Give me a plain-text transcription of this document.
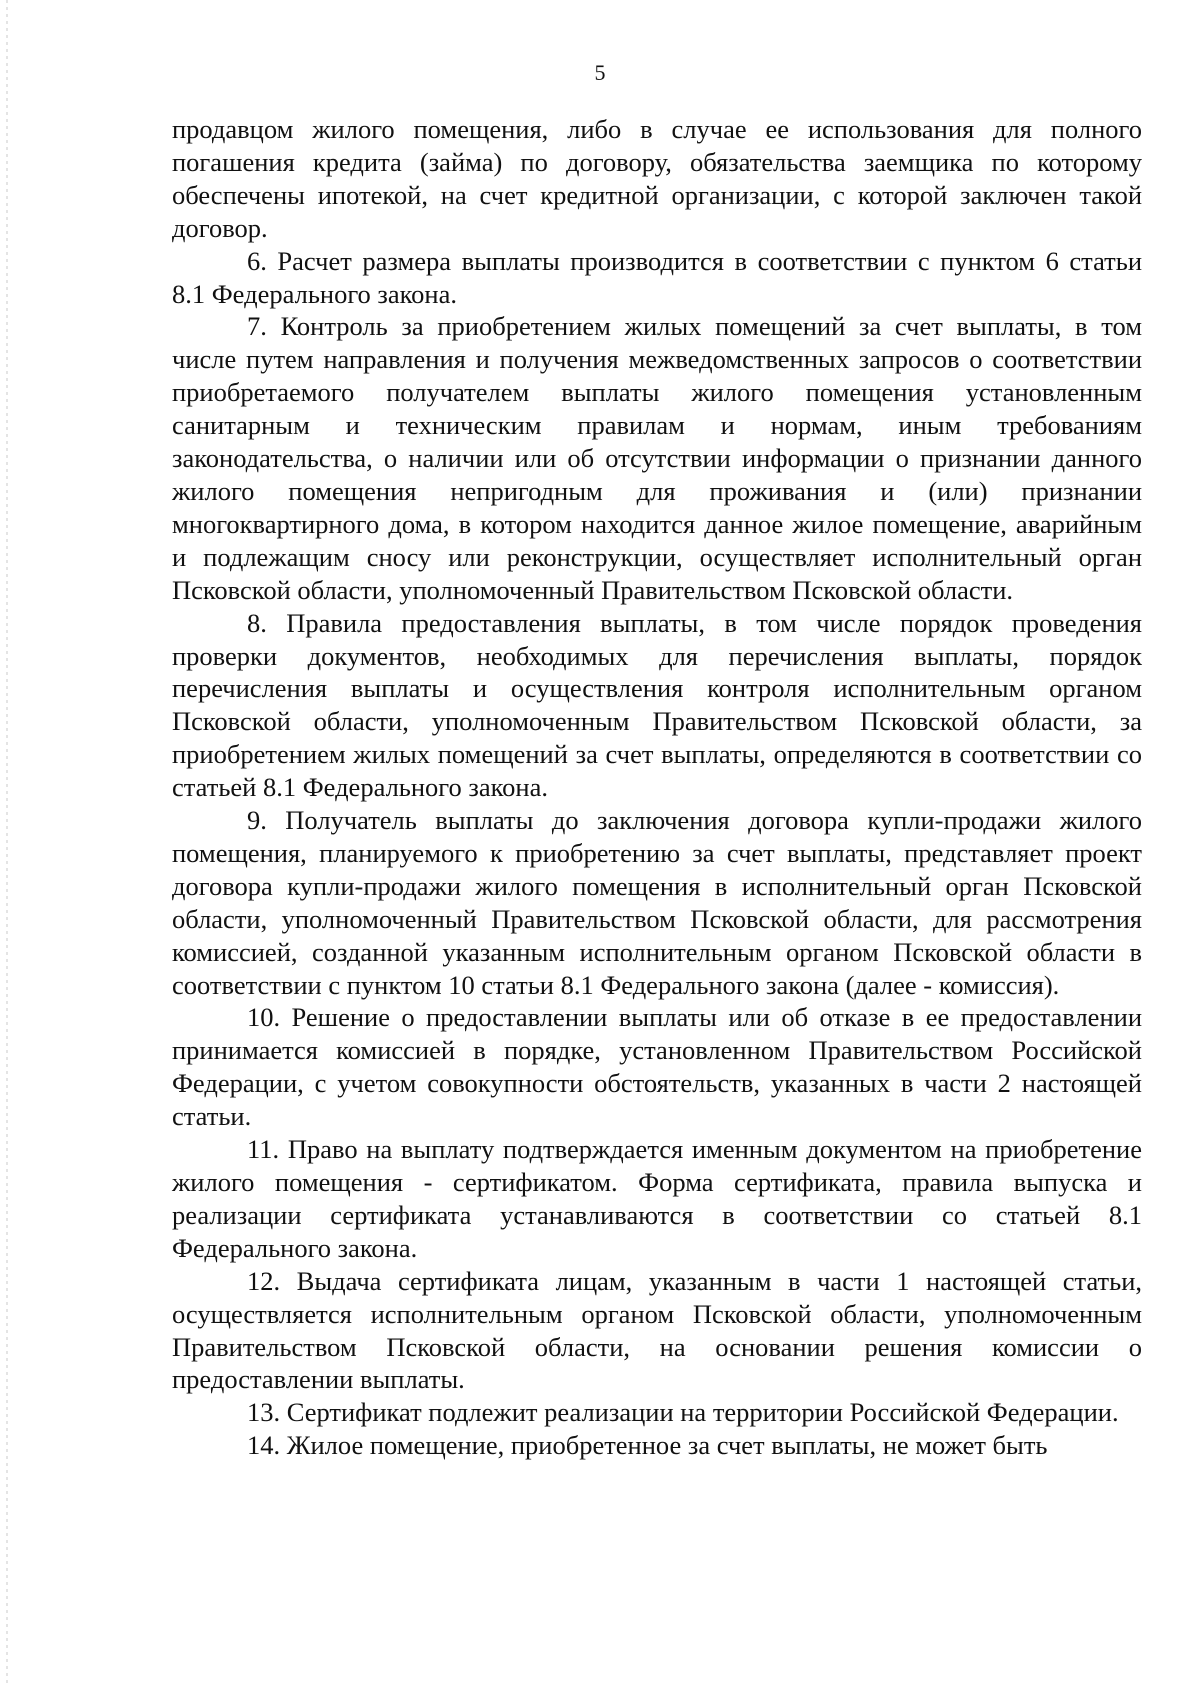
5

продавцом жилого помещения, либо в случае ее использования для полного погашения кредита (займа) по договору, обязательства заемщика по которому обеспечены ипотекой, на счет кредитной организации, с которой заключен такой договор.

6. Расчет размера выплаты производится в соответствии с пунктом 6 статьи 8.1 Федерального закона.

7. Контроль за приобретением жилых помещений за счет выплаты, в том числе путем направления и получения межведомственных запросов о соответствии приобретаемого получателем выплаты жилого помещения установленным санитарным и техническим правилам и нормам, иным требованиям законодательства, о наличии или об отсутствии информации о признании данного жилого помещения непригодным для проживания и (или) признании многоквартирного дома, в котором находится данное жилое помещение, аварийным и подлежащим сносу или реконструкции, осуществляет исполнительный орган Псковской области, уполномоченный Правительством Псковской области.

8. Правила предоставления выплаты, в том числе порядок проведения проверки документов, необходимых для перечисления выплаты, порядок перечисления выплаты и осуществления контроля исполнительным органом Псковской области, уполномоченным Правительством Псковской области, за приобретением жилых помещений за счет выплаты, определяются в соответствии со статьей 8.1 Федерального закона.

9. Получатель выплаты до заключения договора купли-продажи жилого помещения, планируемого к приобретению за счет выплаты, представляет проект договора купли-продажи жилого помещения в исполнительный орган Псковской области, уполномоченный Правительством Псковской области, для рассмотрения комиссией, созданной указанным исполнительным органом Псковской области в соответствии с пунктом 10 статьи 8.1 Федерального закона (далее - комиссия).

10. Решение о предоставлении выплаты или об отказе в ее предоставлении принимается комиссией в порядке, установленном Правительством Российской Федерации, с учетом совокупности обстоятельств, указанных в части 2 настоящей статьи.

11. Право на выплату подтверждается именным документом на приобретение жилого помещения - сертификатом. Форма сертификата, правила выпуска и реализации сертификата устанавливаются в соответствии со статьей 8.1 Федерального закона.

12. Выдача сертификата лицам, указанным в части 1 настоящей статьи, осуществляется исполнительным органом Псковской области, уполномоченным Правительством Псковской области, на основании решения комиссии о предоставлении выплаты.

13. Сертификат подлежит реализации на территории Российской Федерации.

14. Жилое помещение, приобретенное за счет выплаты, не может быть
